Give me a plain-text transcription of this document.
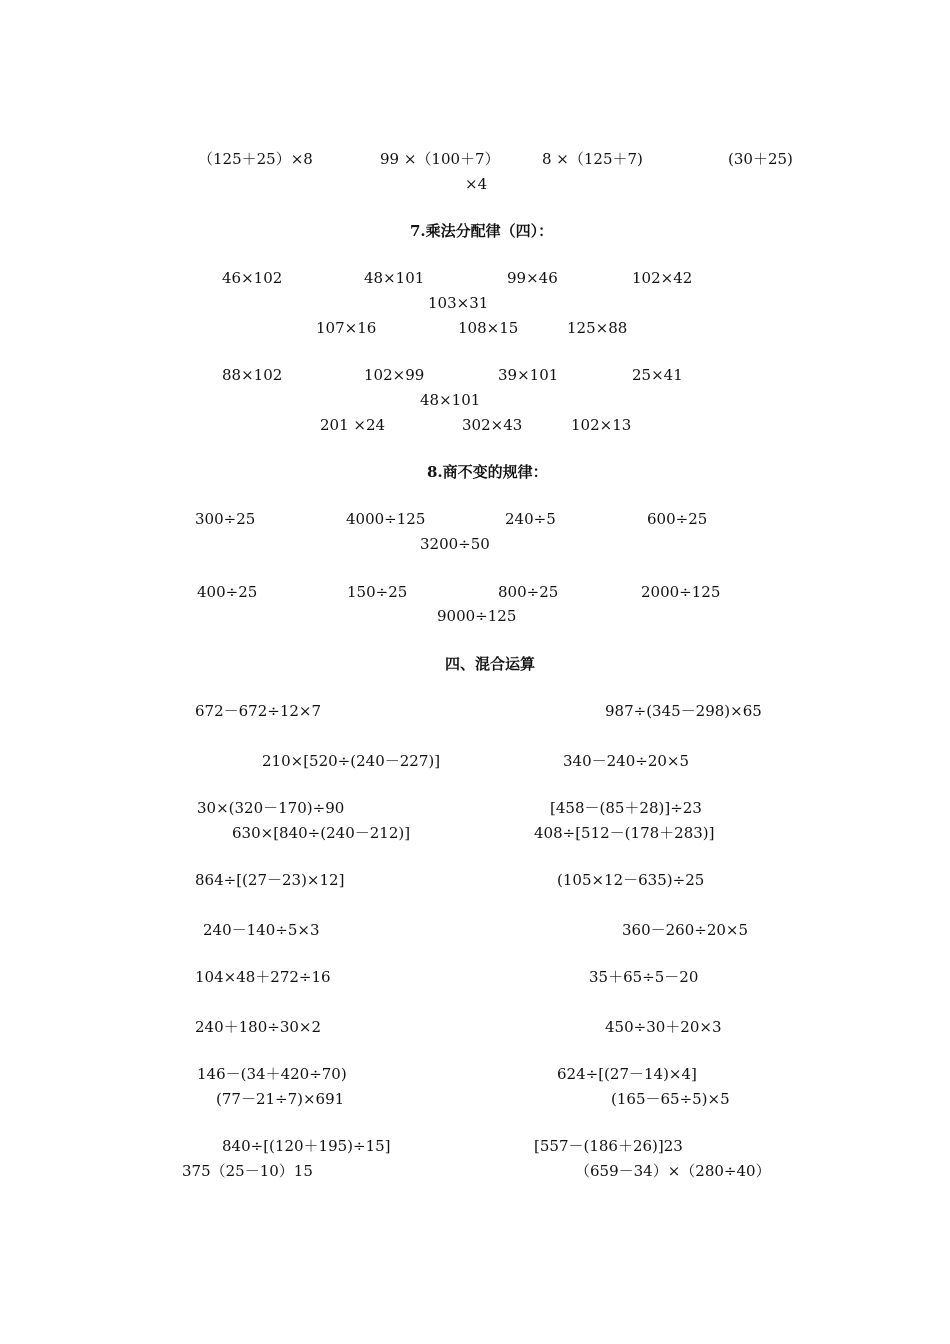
（125＋25）×8	99 ×（100＋7）	8 ×（125＋7)	(30＋25)
×4
7.乘法分配律（四）：
46×102	48×101	99×46	102×42
103×31
107×16	108×15	125×88
88×102	102×99	39×101	25×41
48×101
201 ×24	302×43	102×13
8.商不变的规律：
300÷25	4000÷125	240÷5	600÷25
3200÷50
400÷25	150÷25	800÷25	2000÷125
9000÷125
四、混合运算
672－672÷12×7	987÷(345－298)×65
210×[520÷(240－227)]	340－240÷20×5
30×(320－170)÷90	[458－(85＋28)]÷23
630×[840÷(240－212)]	408÷[512－(178＋283)]
864÷[(27－23)×12]	(105×12－635)÷25
240－140÷5×3	360－260÷20×5
104×48＋272÷16	35＋65÷5－20
240＋180÷30×2	450÷30＋20×3
146－(34＋420÷70)	624÷[(27－14)×4]
(77－21÷7)×691	(165－65÷5)×5
840÷[(120＋195)÷15]	[557－(186＋26)]23
375（25－10）15	（659－34）×（280÷40）
